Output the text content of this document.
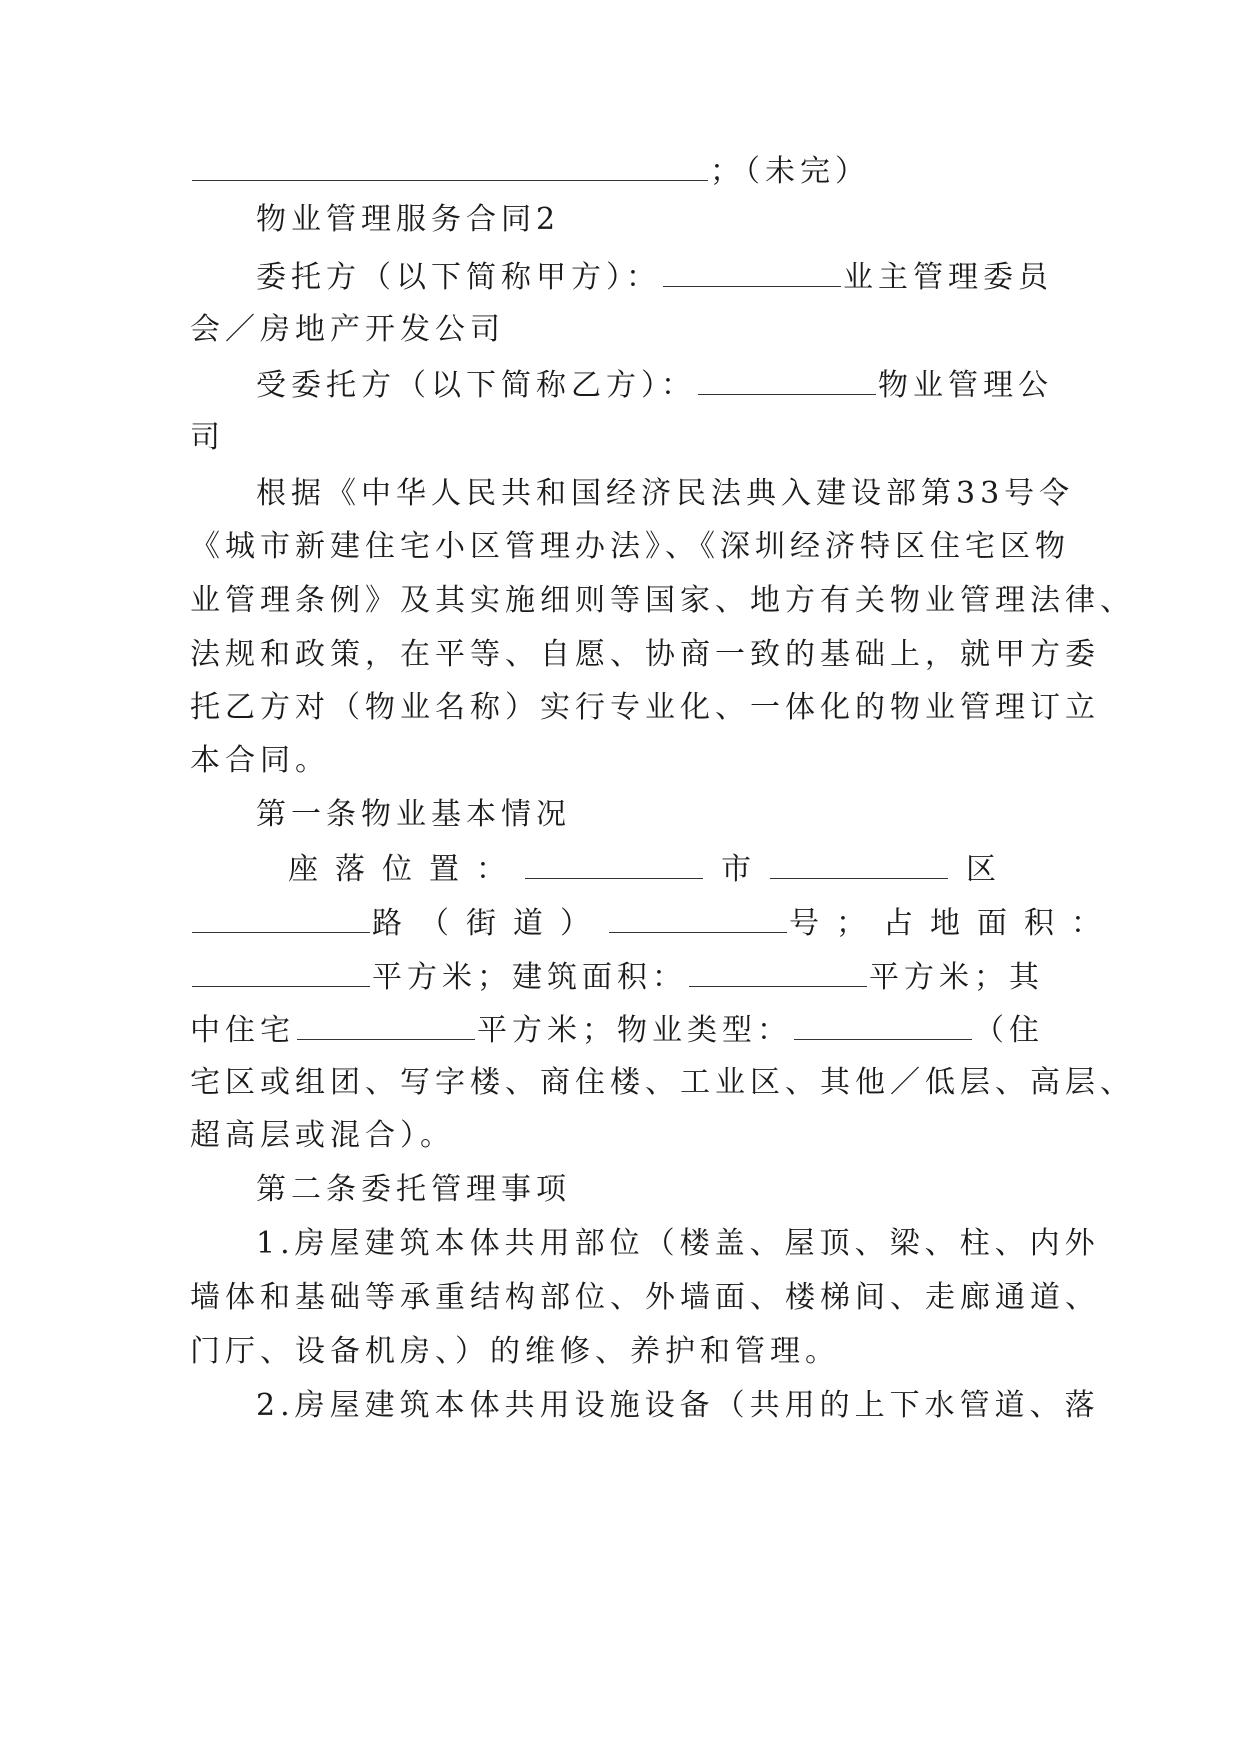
；（未完）
物业管理服务合同2
委托方（以下简称甲方）：	业主管理委员
会／房地产开发公司
受委托方（以下简称乙方）：	物业管理公
司
根据《中华人民共和国经济民法典入建设部第33号令
《城市新建住宅小区管理办法》、《深圳经济特区住宅区物
业管理条例》及其实施细则等国家、地方有关物业管理法律、
法规和政策，在平等、自愿、协商一致的基础上，就甲方委
托乙方对（物业名称）实行专业化、一体化的物业管理订立
本合同。
第一条物业基本情况
座落位置：	市	区
路（街道）	号；占地面积：
平方米；建筑面积：	平方米；其
中住宅	平方米；物业类型：	（住
宅区或组团、写字楼、商住楼、工业区、其他／低层、高层、
超高层或混合）。
第二条委托管理事项
1.房屋建筑本体共用部位（楼盖、屋顶、梁、柱、内外
墙体和基础等承重结构部位、外墙面、楼梯间、走廊通道、
门厅、设备机房、）的维修、养护和管理。
2.房屋建筑本体共用设施设备（共用的上下水管道、落
